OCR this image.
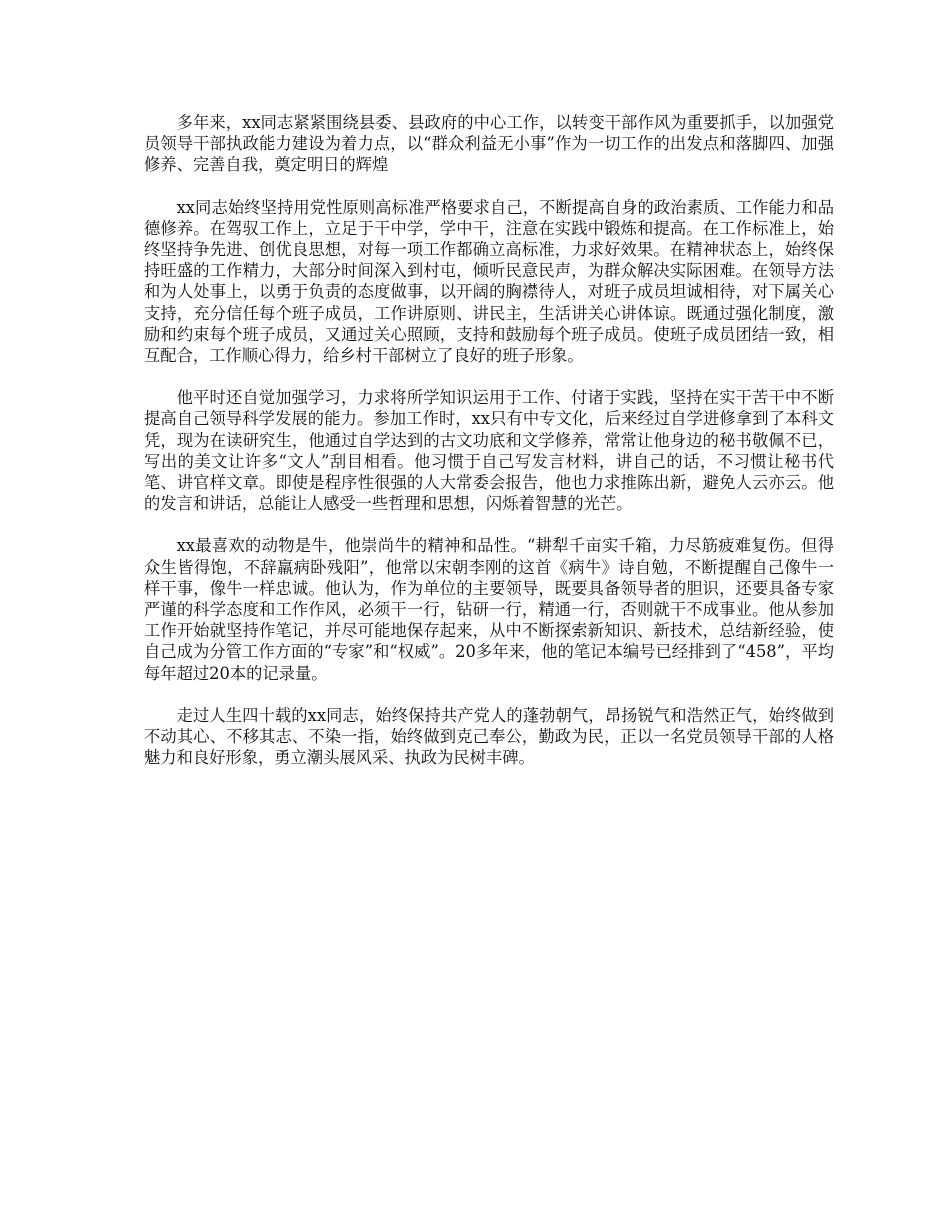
多年来，xx同志紧紧围绕县委、县政府的中心工作，以转变干部作风为重要抓手，以加强党员领导干部执政能力建设为着力点，以“群众利益无小事”作为一切工作的出发点和落脚四、加强修养、完善自我，奠定明日的辉煌

xx同志始终坚持用党性原则高标准严格要求自己，不断提高自身的政治素质、工作能力和品德修养。在驾驭工作上，立足于干中学，学中干，注意在实践中锻炼和提高。在工作标准上，始终坚持争先进、创优良思想，对每一项工作都确立高标准，力求好效果。在精神状态上，始终保持旺盛的工作精力，大部分时间深入到村屯，倾听民意民声，为群众解决实际困难。在领导方法和为人处事上，以勇于负责的态度做事，以开阔的胸襟待人，对班子成员坦诚相待，对下属关心支持，充分信任每个班子成员，工作讲原则、讲民主，生活讲关心讲体谅。既通过强化制度，激励和约束每个班子成员，又通过关心照顾，支持和鼓励每个班子成员。使班子成员团结一致，相互配合，工作顺心得力，给乡村干部树立了良好的班子形象。

他平时还自觉加强学习，力求将所学知识运用于工作、付诸于实践，坚持在实干苦干中不断提高自己领导科学发展的能力。参加工作时，xx只有中专文化，后来经过自学进修拿到了本科文凭，现为在读研究生，他通过自学达到的古文功底和文学修养，常常让他身边的秘书敬佩不已，写出的美文让许多“文人”刮目相看。他习惯于自己写发言材料，讲自己的话，不习惯让秘书代笔、讲官样文章。即使是程序性很强的人大常委会报告，他也力求推陈出新，避免人云亦云。他的发言和讲话，总能让人感受一些哲理和思想，闪烁着智慧的光芒。

xx最喜欢的动物是牛，他崇尚牛的精神和品性。“耕犁千亩实千箱，力尽筋疲难复伤。但得众生皆得饱，不辞羸病卧残阳”，他常以宋朝李刚的这首《病牛》诗自勉，不断提醒自己像牛一样干事，像牛一样忠诚。他认为，作为单位的主要领导，既要具备领导者的胆识，还要具备专家严谨的科学态度和工作作风，必须干一行，钻研一行，精通一行，否则就干不成事业。他从参加工作开始就坚持作笔记，并尽可能地保存起来，从中不断探索新知识、新技术，总结新经验，使自己成为分管工作方面的“专家”和“权威”。20多年来，他的笔记本编号已经排到了“458”，平均每年超过20本的记录量。

走过人生四十载的xx同志，始终保持共产党人的蓬勃朝气，昂扬锐气和浩然正气，始终做到不动其心、不移其志、不染一指，始终做到克己奉公，勤政为民，正以一名党员领导干部的人格魅力和良好形象，勇立潮头展风采、执政为民树丰碑。
